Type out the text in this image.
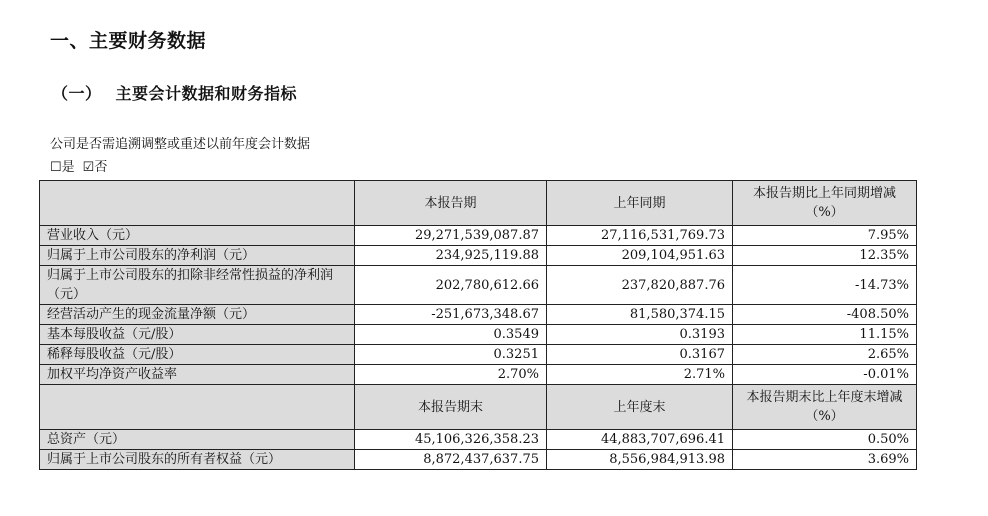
一、主要财务数据
（一） 主要会计数据和财务指标
公司是否需追溯调整或重述以前年度会计数据
☐是 ☑否
	本报告期	上年同期	本报告期比上年同期增减（%）
营业收入（元）	29,271,539,087.87	27,116,531,769.73	7.95%
归属于上市公司股东的净利润（元）	234,925,119.88	209,104,951.63	12.35%
归属于上市公司股东的扣除非经常性损益的净利润（元）	202,780,612.66	237,820,887.76	-14.73%
经营活动产生的现金流量净额（元）	-251,673,348.67	81,580,374.15	-408.50%
基本每股收益（元/股）	0.3549	0.3193	11.15%
稀释每股收益（元/股）	0.3251	0.3167	2.65%
加权平均净资产收益率	2.70%	2.71%	-0.01%
	本报告期末	上年度末	本报告期末比上年度末增减（%）
总资产（元）	45,106,326,358.23	44,883,707,696.41	0.50%
归属于上市公司股东的所有者权益（元）	8,872,437,637.75	8,556,984,913.98	3.69%
